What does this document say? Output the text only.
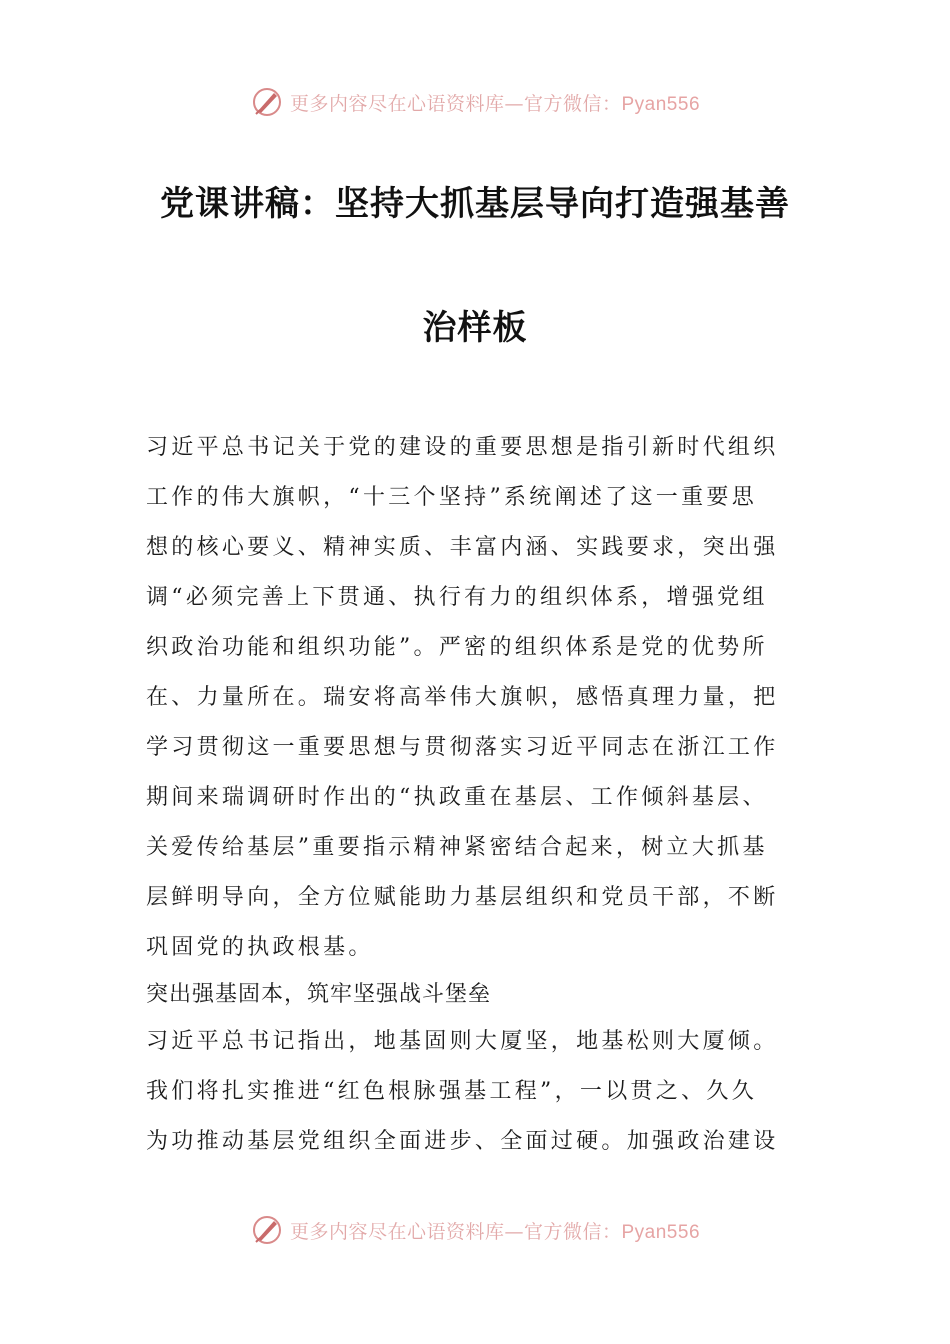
更多内容尽在心语资料库—官方微信：Pyan556
党课讲稿：坚持大抓基层导向打造强基善
治样板
习近平总书记关于党的建设的重要思想是指引新时代组织
工作的伟大旗帜，“十三个坚持”系统阐述了这一重要思
想的核心要义、精神实质、丰富内涵、实践要求，突出强
调“必须完善上下贯通、执行有力的组织体系，增强党组
织政治功能和组织功能”。严密的组织体系是党的优势所
在、力量所在。瑞安将高举伟大旗帜，感悟真理力量，把
学习贯彻这一重要思想与贯彻落实习近平同志在浙江工作
期间来瑞调研时作出的“执政重在基层、工作倾斜基层、
关爱传给基层”重要指示精神紧密结合起来，树立大抓基
层鲜明导向，全方位赋能助力基层组织和党员干部，不断
巩固党的执政根基。
突出强基固本，筑牢坚强战斗堡垒
习近平总书记指出，地基固则大厦坚，地基松则大厦倾。
我们将扎实推进“红色根脉强基工程”，一以贯之、久久
为功推动基层党组织全面进步、全面过硬。加强政治建设
更多内容尽在心语资料库—官方微信：Pyan556
